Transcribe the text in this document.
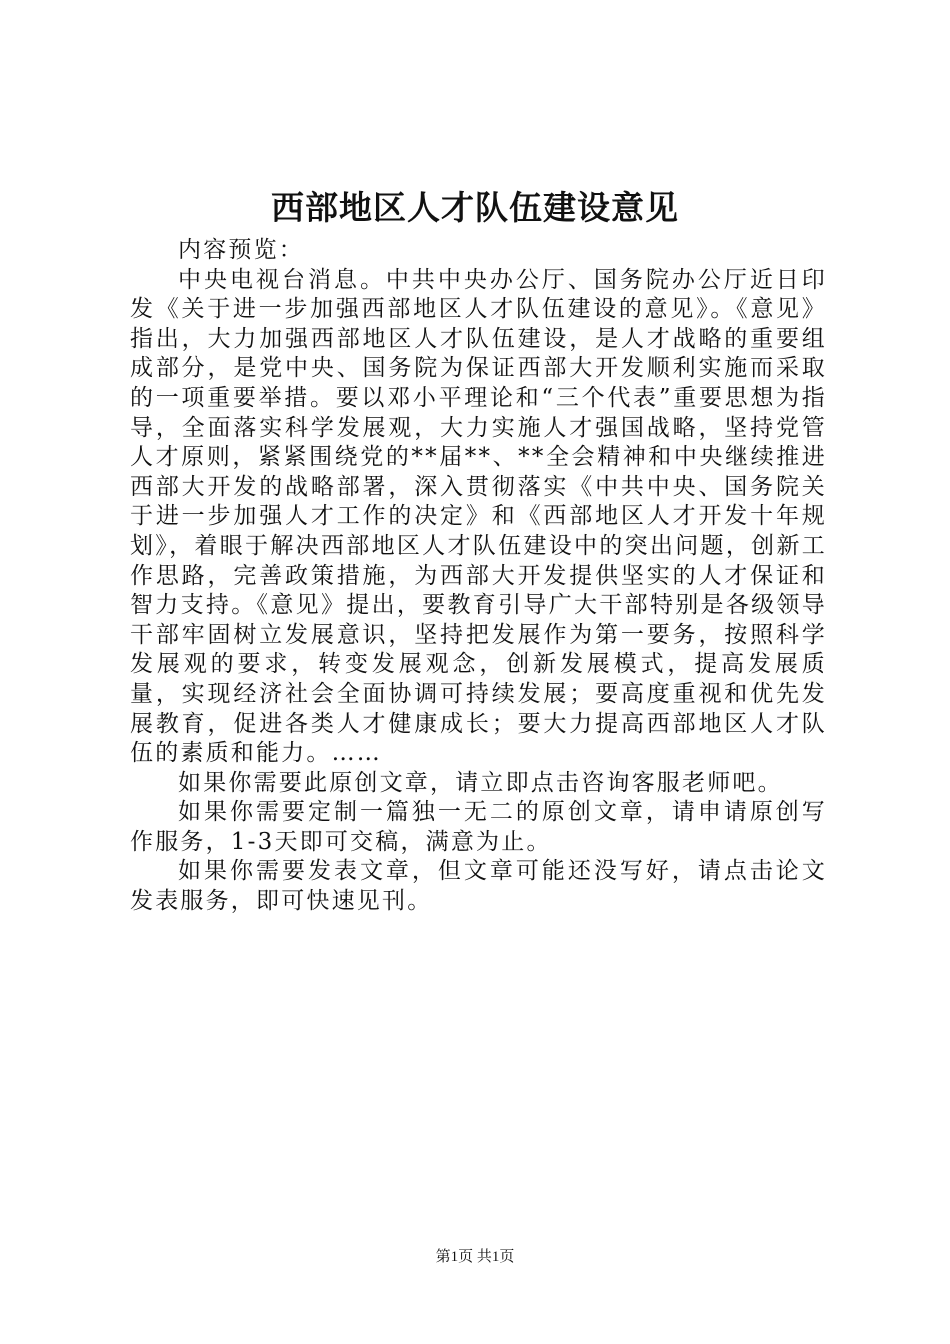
西部地区人才队伍建设意见

内容预览：

中央电视台消息。中共中央办公厅、国务院办公厅近日印发《关于进一步加强西部地区人才队伍建设的意见》。《意见》指出，大力加强西部地区人才队伍建设，是人才战略的重要组成部分，是党中央、国务院为保证西部大开发顺利实施而采取的一项重要举措。要以邓小平理论和“三个代表”重要思想为指导，全面落实科学发展观，大力实施人才强国战略，坚持党管人才原则，紧紧围绕党的**届**、**全会精神和中央继续推进西部大开发的战略部署，深入贯彻落实《中共中央、国务院关于进一步加强人才工作的决定》和《西部地区人才开发十年规划》，着眼于解决西部地区人才队伍建设中的突出问题，创新工作思路，完善政策措施，为西部大开发提供坚实的人才保证和智力支持。《意见》提出，要教育引导广大干部特别是各级领导干部牢固树立发展意识，坚持把发展作为第一要务，按照科学发展观的要求，转变发展观念，创新发展模式，提高发展质量，实现经济社会全面协调可持续发展；要高度重视和优先发展教育，促进各类人才健康成长；要大力提高西部地区人才队伍的素质和能力。……

如果你需要此原创文章，请立即点击咨询客服老师吧。

如果你需要定制一篇独一无二的原创文章，请申请原创写作服务，1-3天即可交稿，满意为止。

如果你需要发表文章，但文章可能还没写好，请点击论文发表服务，即可快速见刊。

第1页 共1页
